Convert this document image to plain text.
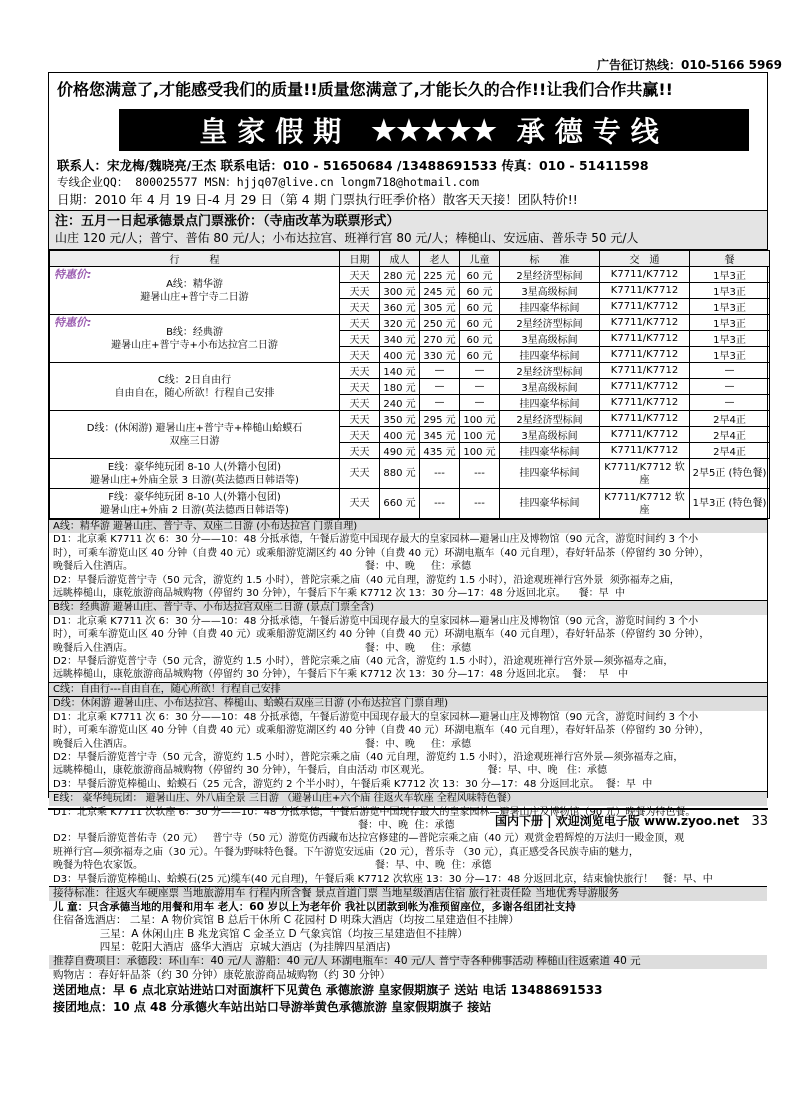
广告征订热线：010-5166 5969
价格您满意了,才能感受我们的质量!!质量您满意了,才能长久的合作!!让我们合作共赢!!
皇家假期 ★★★★★ 承德专线
联系人：宋龙梅/魏晓亮/王杰 联系电话：010 - 51650684 /13488691533 传真：010 - 51411598
专线企业QQ： 800025577 MSN：hjjq07@live.cn longm718@hotmail.com
日期：2010 年 4 月 19 日-4 月 29 日（第 4 期 门票执行旺季价格）散客天天接！团队特价!!
注：五月一日起承德景点门票涨价：（寺庙改革为联票形式）
山庄 120 元/人；普宁、普佑 80 元/人；小布达拉宫、班禅行宫 80 元/人；棒槌山、安远庙、普乐寺 50 元/人
行　　　程	日期	成人	老人	儿童	标　　准	交　通	餐

特惠价:
A线：精华游
避暑山庄+普宁寺二日游	天天	280 元	225 元	60 元	2星经济型标间	K7711/K7712	1早3正
	天天	300 元	245 元	60 元	3星高级标间	K7711/K7712	1早3正
	天天	360 元	305 元	60 元	挂四豪华标间	K7711/K7712	1早3正

特惠价:
B线：经典游
避暑山庄+普宁寺+小布达拉宫二日游	天天	320 元	250 元	60 元	2星经济型标间	K7711/K7712	1早3正
	天天	340 元	270 元	60 元	3星高级标间	K7711/K7712	1早3正
	天天	400 元	330 元	60 元	挂四豪华标间	K7711/K7712	1早3正

C线：2日自由行
自由自在，随心所欲！行程自己安排	天天	140 元	—	—	2星经济型标间	K7711/K7712	—
	天天	180 元	—	—	3星高级标间	K7711/K7712	—
	天天	240 元	—	—	挂四豪华标间	K7711/K7712	—

D线：(休闲游) 避暑山庄+普宁寺+棒槌山蛤蟆石
双座三日游	天天	350 元	295 元	100 元	2星经济型标间	K7711/K7712	2早4正
	天天	400 元	345 元	100 元	3星高级标间	K7711/K7712	2早4正
	天天	490 元	435 元	100 元	挂四豪华标间	K7711/K7712	2早4正

E线：豪华纯玩团 8-10 人(外籍小包团)
避暑山庄+外庙全景 3 日游(英法德西日韩语等)	天天	880 元	---	---	挂四豪华标间	K7711/K7712 软座	2早5正 (特色餐)

F线：豪华纯玩团 8-10 人(外籍小包团)
避暑山庄+外庙 2 日游(英法德西日韩语等)	天天	660 元	---	---	挂四豪华标间	K7711/K7712 软座	1早3正 (特色餐)
A线：精华游 避暑山庄、普宁寺、双座二日游 (小布达拉宫 门票自理)
D1：北京乘 K7711 次 6：30 分——10：48 分抵承德，午餐后游览中国现存最大的皇家园林—避暑山庄及博物馆（90 元含，游览时间约 3 个小
时），可乘车游览山区 40 分钟（自费 40 元）或乘船游览湖区约 40 分钟（自费 40 元）环湖电瓶车（40 元自理），春好轩品茶（停留约 30 分钟），
晚餐后入住酒店。                                                                         餐：中、晚     住：承德
D2：早餐后游览普宁寺（50 元含，游览约 1.5 小时），普陀宗乘之庙（40 元自理，游览约 1.5 小时），沿途观班禅行宫外景  须弥福寿之庙，
远眺棒槌山，康乾旅游商品城购物（停留约 30 分钟），午餐后下午乘 K7712 次 13：30 分—17：48 分返回北京。    餐：早  中
B线：经典游 避暑山庄、普宁寺、小布达拉宫双座二日游 (景点门票全含)
D1：北京乘 K7711 次 6：30 分——10：48 分抵承德，午餐后游览中国现存最大的皇家园林—避暑山庄及博物馆（90 元含，游览时间约 3 个小
时），可乘车游览山区 40 分钟（自费 40 元）或乘船游览湖区约 40 分钟（自费 40 元）环湖电瓶车（40 元自理），春好轩品茶（停留约 30 分钟），
晚餐后入住酒店。                                                                         餐：中、晚     住：承德
D2：早餐后游览普宁寺（50 元含，游览约 1.5 小时），普陀宗乘之庙（40 元含，游览约 1.5 小时），沿途观班禅行宫外景—须弥福寿之庙，
远眺棒槌山，康乾旅游商品城购物（停留约 30 分钟），午餐后下午乘 K7712 次 13：30 分—17：48 分返回北京。  餐：  早   中
C线：自由行---自由自在，随心所欲！行程自己安排
D线：休闲游 避暑山庄、小布达拉宫、棒槌山、蛤蟆石双座三日游 (小布达拉宫 门票自理)
D1：北京乘 K7711 次 6：30 分——10：48 分抵承德，午餐后游览中国现存最大的皇家园林—避暑山庄及博物馆（90 元含，游览时间约 3 个小
时），可乘车游览山区 40 分钟（自费 40 元）或乘船游览湖区约 40 分钟（自费 40 元）环湖电瓶车（40 元自理），春好轩品茶（停留约 30 分钟），
晚餐后入住酒店。                                                                         餐：中、晚     住：承德
D2：早餐后游览普宁寺（50 元含，游览约 1.5 小时），普陀宗乘之庙（40 元自理，游览约 1.5 小时），沿途观班禅行宫外景—须弥福寿之庙，
远眺棒槌山，康乾旅游商品城购物（停留约 30 分钟），午餐后，自由活动 市区观光。                  餐：早、中、晚   住：承德
D3：早餐后游览棒槌山、蛤蟆石（25 元含，游览约 2 个半小时），午餐后乘 K7712 次 13：30 分—17：48 分返回北京。  餐：早  中
E线： 豪华纯玩团： 避暑山庄、外八庙全景 三日游 （避暑山庄+六个庙 往返火车软座 全程风味特色餐）
D1：北京乘 K7711 次软座 6：30 分——10：48 分抵承德，午餐后游览中国现存最大的皇家园林—避暑山庄及博物馆（90 元）晚餐为特色餐。
餐：中、晚  住：承德
D2：早餐后游览普佑寺（20 元）   普宁寺（50 元）游览仿西藏布达拉宫修建的—普陀宗乘之庙（40 元）观赏金碧辉煌的万法归一殿金顶，观
班禅行宫—须弥福寿之庙（30 元）。午餐为野味特色餐。下午游览安远庙（20 元），普乐寺 （30 元），真正感受各民族寺庙的魅力，
晚餐为特色农家饭。                                                                         餐：早、中、晚  住：承德
D3：早餐后游览棒槌山、蛤蟆石(25 元)缆车(40 元自理)，午餐后乘 K7712 次软座 13：30 分—17：48 分返回北京，结束愉快旅行！   餐：早、中
接待标准：往返火车硬座票 当地旅游用车 行程内所含餐 景点首道门票 当地星级酒店住宿 旅行社责任险 当地优秀导游服务
儿 童：只含承德当地的用餐和用车 老人：60 岁以上为老年价 我社以团款到帐为准预留座位，多谢各组团社支持
住宿备选酒店： 二星：A 物价宾馆 B 总后干休所 C 花园村 D 明珠大酒店（均按二星建造但不挂牌）
三星：A 休闲山庄 B 兆龙宾馆 C 金圣立 D 气象宾馆（均按三星建造但不挂牌）
四星：乾阳大酒店  盛华大酒店  京城大酒店  (为挂牌四星酒店)
推荐自费项目：承德段：环山车：40 元/人 游船：40 元/人 环湖电瓶车：40 元/人 普宁寺各种佛事活动 棒槌山往返索道 40 元
购物店 ：春好轩品茶（约 30 分钟）康乾旅游商品城购物（约 30 分钟）
送团地点：早 6 点北京站进站口对面旗杆下见黄色 承德旅游 皇家假期旗子 送站 电话 13488691533
接团地点：10 点 48 分承德火车站出站口导游举黄色承德旅游 皇家假期旗子 接站
国内下册 | 欢迎浏览电子版 www.zyoo.net 33
